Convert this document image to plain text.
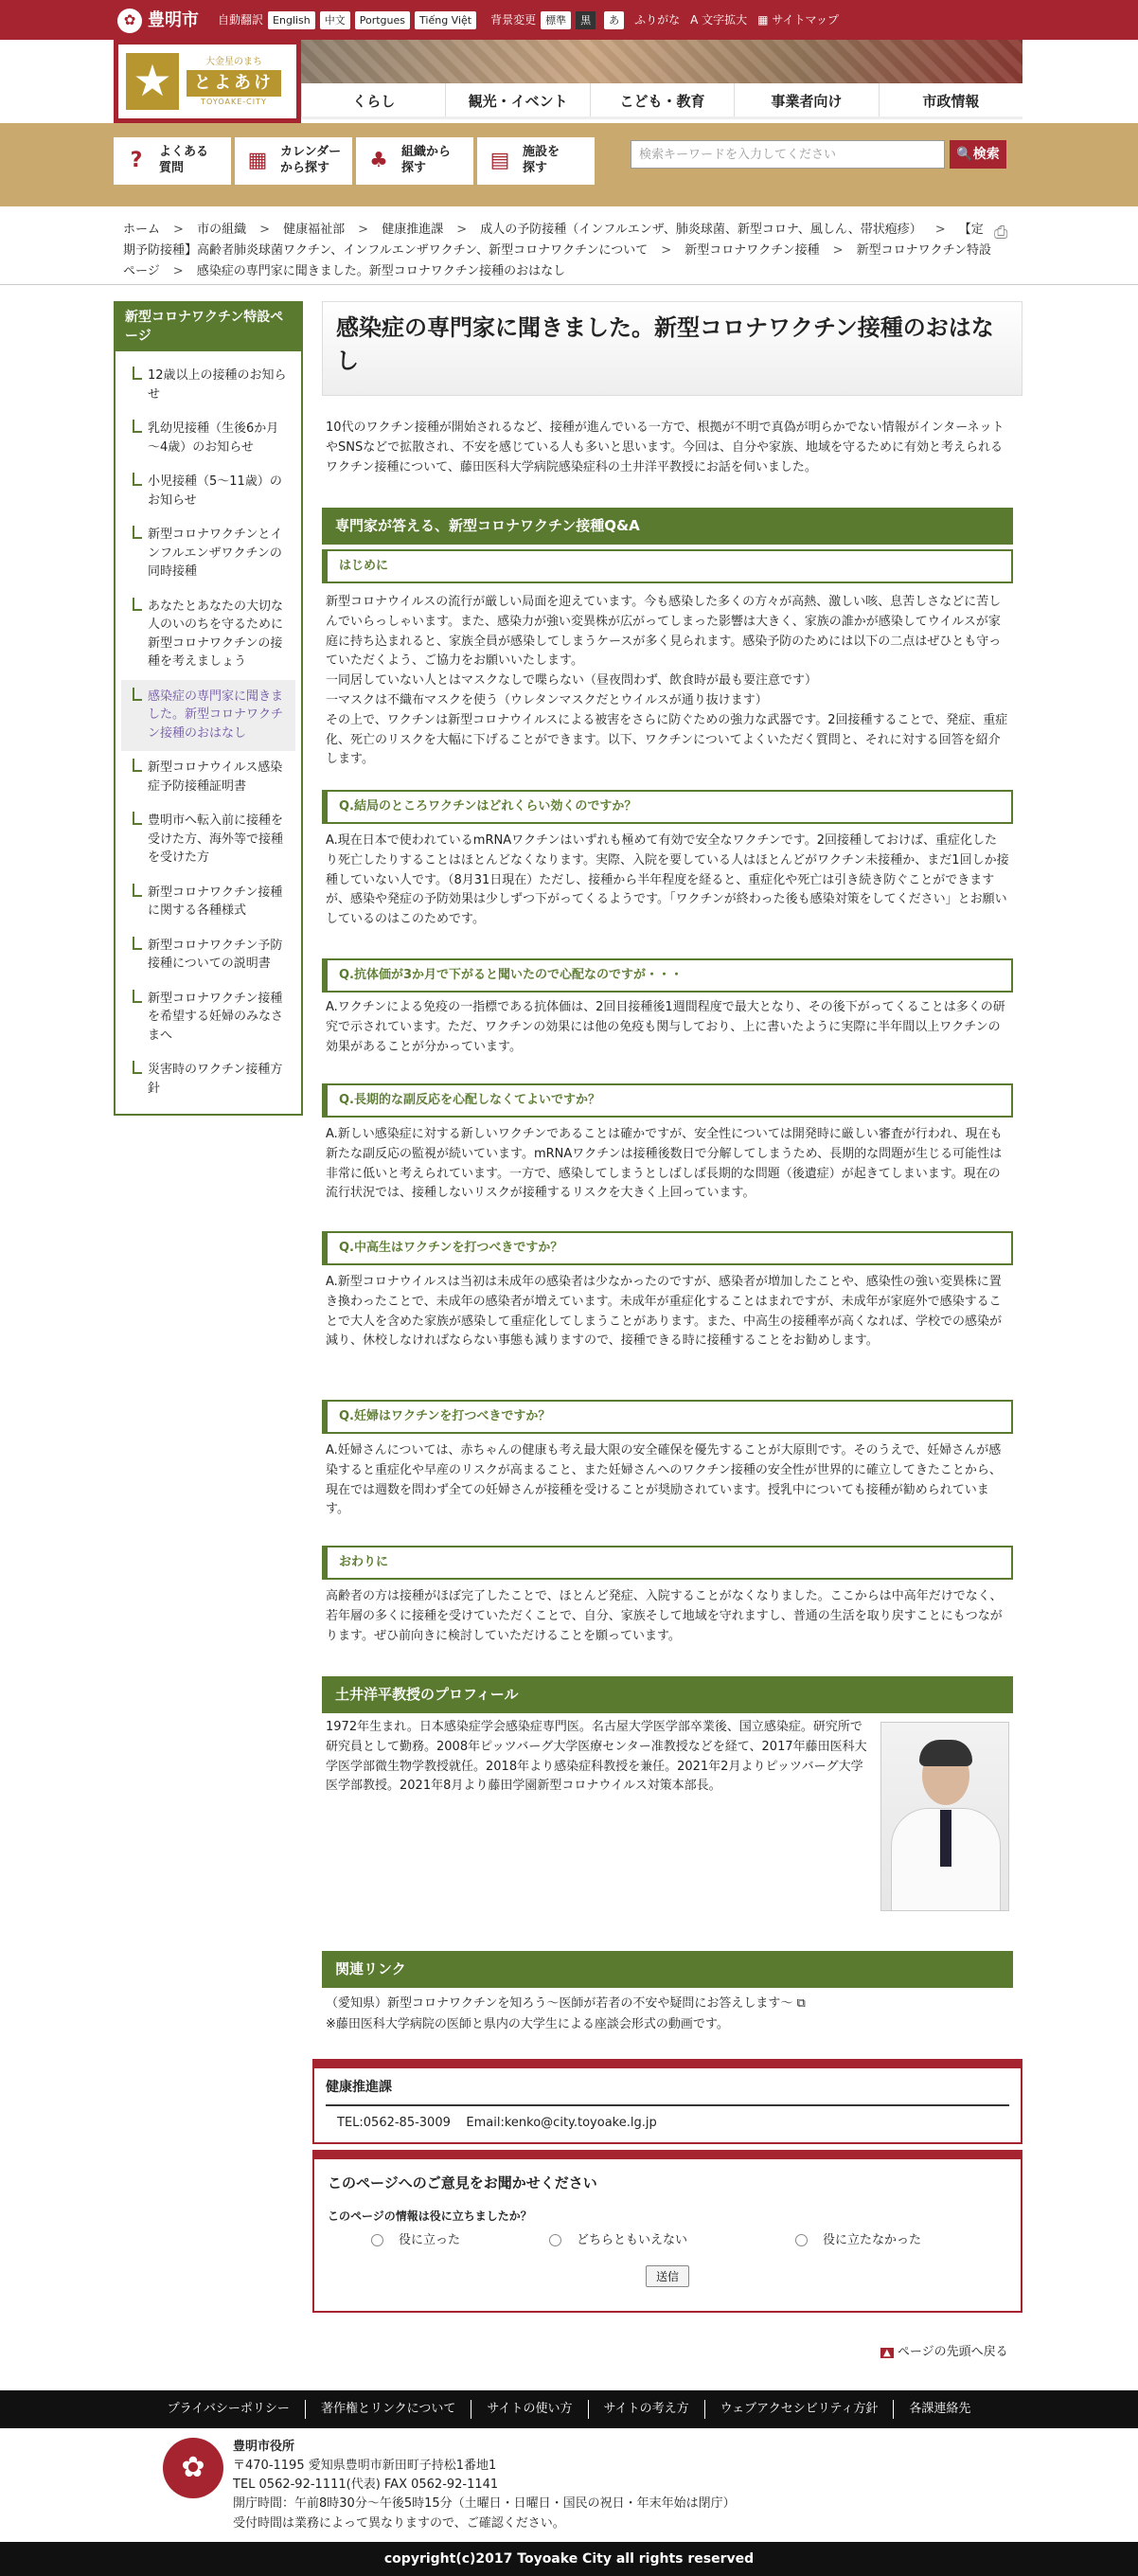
✿ 豊明市 自動翻訳 English	中文	Portgues	Tiếng Việt	背景変更 標準	黒	あ	ふりがな A 文字拡大 ▦ サイトマップ
★	大金星のまち
とよあけ
TOYOAKE-CITY	くらし	観光・イベント	こども・教育	事業者向け	市政情報
?	よくある
質問	▦	カレンダー
から探す	♣	組織から
探す	▤	施設を
探す
検索キーワードを入力してください	🔍検索
ホーム > 市の組織 > 健康福祉部 > 健康推進課 > 成人の予防接種（インフルエンザ、肺炎球菌、新型コロナ、風しん、帯状疱疹） > 【定期予防接種】高齢者肺炎球菌ワクチン、インフルエンザワクチン、新型コロナワクチンについて > 新型コロナワクチン接種 > 新型コロナワクチン特設ページ > 感染症の専門家に聞きました。新型コロナワクチン接種のおはなし
⎙
新型コロナワクチン特設ページ
12歳以上の接種のお知らせ
乳幼児接種（生後6か月～4歳）のお知らせ
小児接種（5～11歳）のお知らせ
新型コロナワクチンとインフルエンザワクチンの同時接種
あなたとあなたの大切な人のいのちを守るために新型コロナワクチンの接種を考えましょう
感染症の専門家に聞きました。新型コロナワクチン接種のおはなし
新型コロナウイルス感染症予防接種証明書
豊明市へ転入前に接種を受けた方、海外等で接種を受けた方
新型コロナワクチン接種に関する各種様式
新型コロナワクチン予防接種についての説明書
新型コロナワクチン接種を希望する妊婦のみなさまへ
災害時のワクチン接種方針
感染症の専門家に聞きました。新型コロナワクチン接種のおはなし

10代のワクチン接種が開始されるなど、接種が進んでいる一方で、根拠が不明で真偽が明らかでない情報がインターネットやSNSなどで拡散され、不安を感じている人も多いと思います。今回は、自分や家族、地域を守るために有効と考えられるワクチン接種について、藤田医科大学病院感染症科の土井洋平教授にお話を伺いました。

専門家が答える、新型コロナワクチン接種Q&A
はじめに

新型コロナウイルスの流行が厳しい局面を迎えています。今も感染した多くの方々が高熱、激しい咳、息苦しさなどに苦しんでいらっしゃいます。また、感染力が強い変異株が広がってしまった影響は大きく、家族の誰かが感染してウイルスが家庭に持ち込まれると、家族全員が感染してしまうケースが多く見られます。感染予防のためには以下の二点はぜひとも守っていただくよう、ご協力をお願いいたします。
一同居していない人とはマスクなしで喋らない（昼夜問わず、飲食時が最も要注意です）
一マスクは不織布マスクを使う（ウレタンマスクだとウイルスが通り抜けます）
その上で、ワクチンは新型コロナウイルスによる被害をさらに防ぐための強力な武器です。2回接種することで、発症、重症化、死亡のリスクを大幅に下げることができます。以下、ワクチンについてよくいただく質問と、それに対する回答を紹介します。

Q.結局のところワクチンはどれくらい効くのですか？

A.現在日本で使われているmRNAワクチンはいずれも極めて有効で安全なワクチンです。2回接種しておけば、重症化したり死亡したりすることはほとんどなくなります。実際、入院を要している人はほとんどがワクチン未接種か、まだ1回しか接種していない人です。（8月31日現在）ただし、接種から半年程度を経ると、重症化や死亡は引き続き防ぐことができますが、感染や発症の予防効果は少しずつ下がってくるようです。「ワクチンが終わった後も感染対策をしてください」とお願いしているのはこのためです。

Q.抗体価が3か月で下がると聞いたので心配なのですが・・・

A.ワクチンによる免疫の一指標である抗体価は、2回目接種後1週間程度で最大となり、その後下がってくることは多くの研究で示されています。ただ、ワクチンの効果には他の免疫も関与しており、上に書いたように実際に半年間以上ワクチンの効果があることが分かっています。

Q.長期的な副反応を心配しなくてよいですか？

A.新しい感染症に対する新しいワクチンであることは確かですが、安全性については開発時に厳しい審査が行われ、現在も新たな副反応の監視が続いています。mRNAワクチンは接種後数日で分解してしまうため、長期的な問題が生じる可能性は非常に低いと考えられています。一方で、感染してしまうとしばしば長期的な問題（後遺症）が起きてしまいます。現在の流行状況では、接種しないリスクが接種するリスクを大きく上回っています。

Q.中高生はワクチンを打つべきですか？

A.新型コロナウイルスは当初は未成年の感染者は少なかったのですが、感染者が増加したことや、感染性の強い変異株に置き換わったことで、未成年の感染者が増えています。未成年が重症化することはまれですが、未成年が家庭外で感染することで大人を含めた家族が感染して重症化してしまうことがあります。また、中高生の接種率が高くなれば、学校での感染が減り、休校しなければならない事態も減りますので、接種できる時に接種することをお勧めします。

Q.妊婦はワクチンを打つべきですか？

A.妊婦さんについては、赤ちゃんの健康も考え最大限の安全確保を優先することが大原則です。そのうえで、妊婦さんが感染すると重症化や早産のリスクが高まること、また妊婦さんへのワクチン接種の安全性が世界的に確立してきたことから、現在では週数を問わず全ての妊婦さんが接種を受けることが奨励されています。授乳中についても接種が勧められています。

おわりに

高齢者の方は接種がほぼ完了したことで、ほとんど発症、入院することがなくなりました。ここからは中高年だけでなく、若年層の多くに接種を受けていただくことで、自分、家族そして地域を守れますし、普通の生活を取り戻すことにもつながります。ぜひ前向きに検討していただけることを願っています。

土井洋平教授のプロフィール

1972年生まれ。日本感染症学会感染症専門医。名古屋大学医学部卒業後、国立感染症。研究所で研究員として勤務。2008年ピッツバーグ大学医療センター准教授などを経て、2017年藤田医科大学医学部微生物学教授就任。2018年より感染症科教授を兼任。2021年2月よりピッツバーグ大学医学部教授。2021年8月より藤田学園新型コロナウイルス対策本部長。

関連リンク

（愛知県）新型コロナワクチンを知ろう～医師が若者の不安や疑問にお答えします～ ⧉

※藤田医科大学病院の医師と県内の大学生による座談会形式の動画です。

健康推進課
TEL:0562-85-3009 Email:kenko@city.toyoake.lg.jp
このページへのご意見をお聞かせください
このページの情報は役に立ちましたか？
役に立った	どちらともいえない	役に立たなかった
送信
▲ ページの先頭へ戻る
プライバシーポリシー	著作権とリンクについて	サイトの使い方	サイトの考え方	ウェブアクセシビリティ方針	各課連絡先
✿
豊明市役所
〒470-1195 愛知県豊明市新田町子持松1番地1
TEL 0562-92-1111(代表) FAX 0562-92-1141
開庁時間：午前8時30分～午後5時15分（土曜日・日曜日・国民の祝日・年末年始は閉庁）
受付時間は業務によって異なりますので、ご確認ください。
copyright(c)2017 Toyoake City all rights reserved
